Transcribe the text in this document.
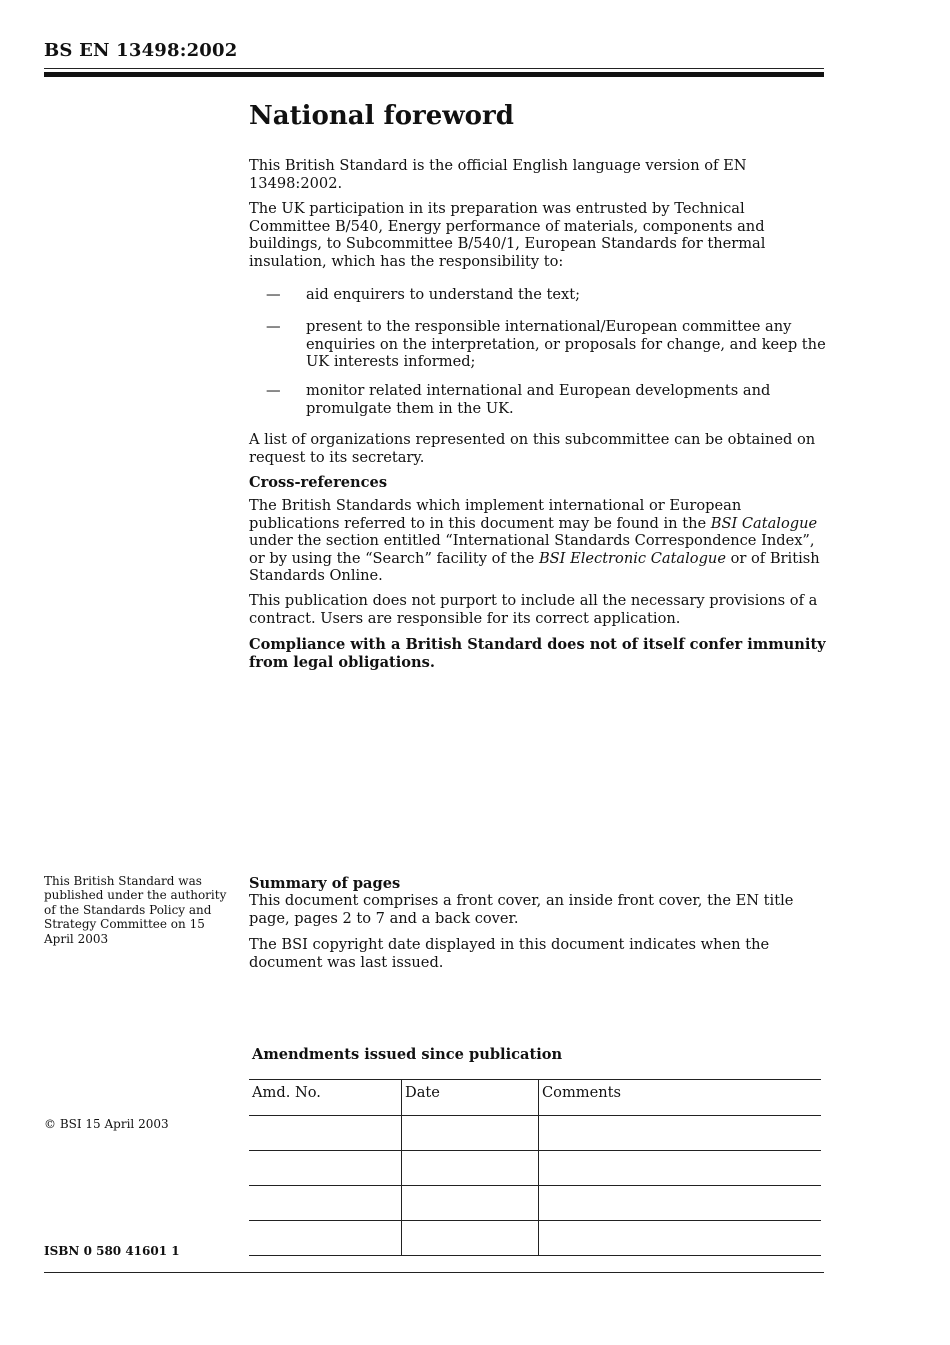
BS EN 13498:2002
National foreword

This British Standard is the official English language version of EN 13498:2002.

The UK participation in its preparation was entrusted by Technical Committee B/540, Energy performance of materials, components and buildings, to Subcommittee B/540/1, European Standards for thermal insulation, which has the responsibility to:

— aid enquirers to understand the text;
— present to the responsible international/European committee any enquiries on the interpretation, or proposals for change, and keep the UK interests informed;
— monitor related international and European developments and promulgate them in the UK.

A list of organizations represented on this subcommittee can be obtained on request to its secretary.

Cross-references

The British Standards which implement international or European publications referred to in this document may be found in the BSI Catalogue under the section entitled “International Standards Correspondence Index”, or by using the “Search” facility of the BSI Electronic Catalogue or of British Standards Online.

This publication does not purport to include all the necessary provisions of a contract. Users are responsible for its correct application.

Compliance with a British Standard does not of itself confer immunity from legal obligations.

This British Standard was published under the authority of the Standards Policy and Strategy Committee on 15 April 2003
Summary of pages

This document comprises a front cover, an inside front cover, the EN title page, pages 2 to 7 and a back cover.

The BSI copyright date displayed in this document indicates when the document was last issued.

Amendments issued since publication
Amd. No.	Date	Comments

© BSI 15 April 2003
ISBN 0 580 41601 1
